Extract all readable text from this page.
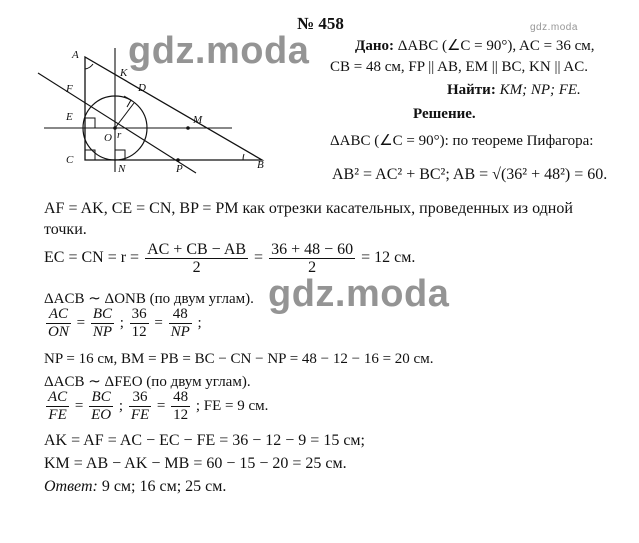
A
K
D
F
E
O r
M
C
N	P	B
gdz.moda
gdz.moda
gdz.moda
№ 458
Дано: ΔABC (∠C = 90°), AC = 36 см,
CB = 48 см, FP || AB, EM || BC, KN || AC.
Найти: KM; NP; FE.
Решение.
ΔABC (∠C = 90°): по теореме Пифагора:
AB² = AC² + BC²; AB = √(36² + 48²) = 60.
AF = AK, CE = CN, BP = PM как отрезки касательных, проведенных из одной
точки.
EC = CN = $r = \frac{AC + CB - AB}{2} = \frac{36 + 48 - 60}{2} = 12$ см.
ΔACB ∼ ΔONB (по двум углам).
$\frac{AC}{ON} = \frac{BC}{NP}$ ; $\frac{36}{12} = \frac{48}{NP}$ ;
NP = 16 см, BM = PB = BC − CN − NP = 48 − 12 − 16 = 20 см.
ΔACB ∼ ΔFEO (по двум углам).
$\frac{AC}{FE} = \frac{BC}{EO}$ ; $\frac{36}{FE} = \frac{48}{12}$ ; FE = 9 см.
AK = AF = AC − EC − FE = 36 − 12 − 9 = 15 см;
KM = AB − AK − MB = 60 − 15 − 20 = 25 см.
Ответ: 9 см; 16 см; 25 см.
